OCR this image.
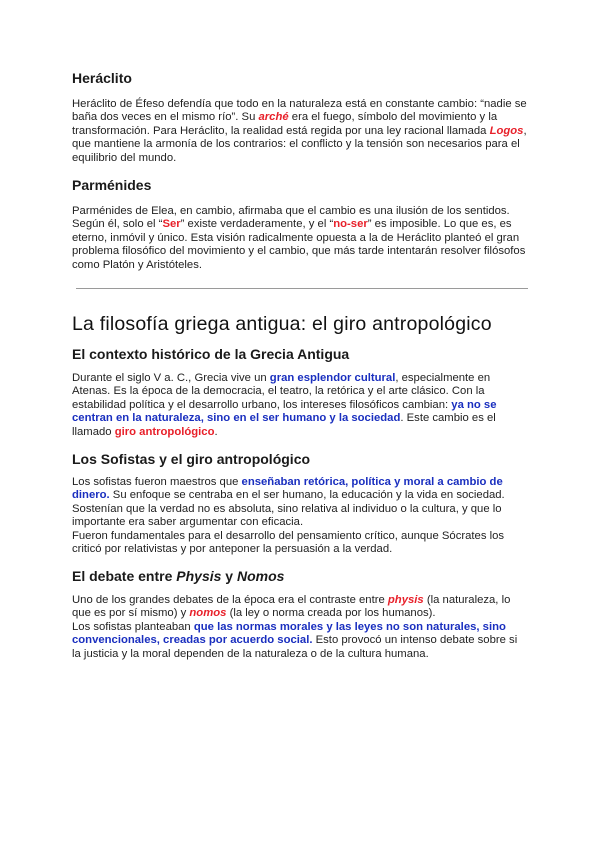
Heráclito

Heráclito de Éfeso defendía que todo en la naturaleza está en constante cambio: “nadie se baña dos veces en el mismo río”. Su arché era el fuego, símbolo del movimiento y la transformación. Para Heráclito, la realidad está regida por una ley racional llamada Logos, que mantiene la armonía de los contrarios: el conflicto y la tensión son necesarios para el equilibrio del mundo.

Parménides

Parménides de Elea, en cambio, afirmaba que el cambio es una ilusión de los sentidos. Según él, solo el “Ser” existe verdaderamente, y el “no-ser” es imposible. Lo que es, es eterno, inmóvil y único. Esta visión radicalmente opuesta a la de Heráclito planteó el gran problema filosófico del movimiento y el cambio, que más tarde intentarán resolver filósofos como Platón y Aristóteles.

La filosofía griega antigua: el giro antropológico
El contexto histórico de la Grecia Antigua

Durante el siglo V a. C., Grecia vive un gran esplendor cultural, especialmente en Atenas. Es la época de la democracia, el teatro, la retórica y el arte clásico. Con la estabilidad política y el desarrollo urbano, los intereses filosóficos cambian: ya no se centran en la naturaleza, sino en el ser humano y la sociedad. Este cambio es el llamado giro antropológico.

Los Sofistas y el giro antropológico

Los sofistas fueron maestros que enseñaban retórica, política y moral a cambio de dinero. Su enfoque se centraba en el ser humano, la educación y la vida en sociedad. Sostenían que la verdad no es absoluta, sino relativa al individuo o la cultura, y que lo importante era saber argumentar con eficacia.

Fueron fundamentales para el desarrollo del pensamiento crítico, aunque Sócrates los criticó por relativistas y por anteponer la persuasión a la verdad.

El debate entre Physis y Nomos

Uno de los grandes debates de la época era el contraste entre physis (la naturaleza, lo que es por sí mismo) y nomos (la ley o norma creada por los humanos).

Los sofistas planteaban que las normas morales y las leyes no son naturales, sino convencionales, creadas por acuerdo social. Esto provocó un intenso debate sobre si la justicia y la moral dependen de la naturaleza o de la cultura humana.
